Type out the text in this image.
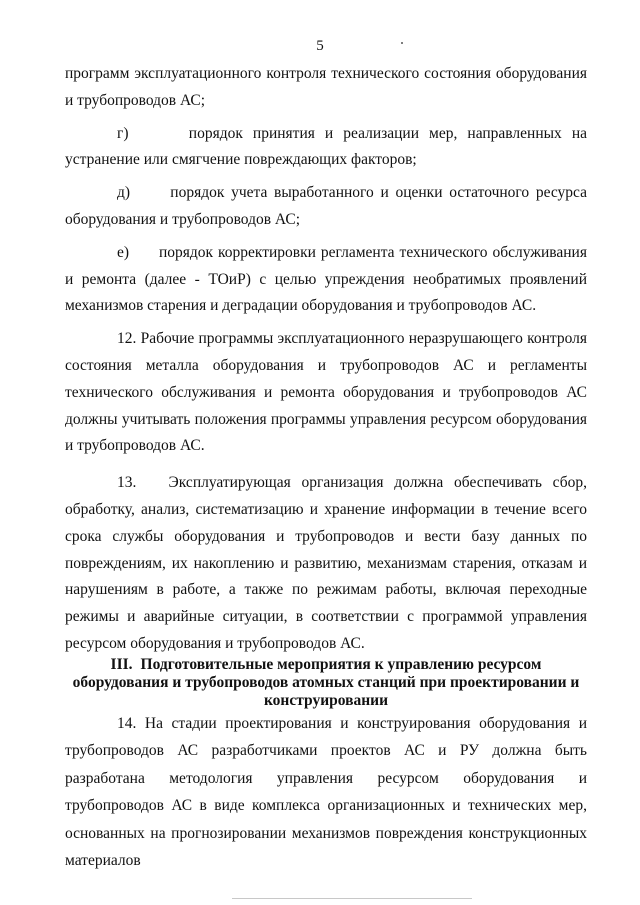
5

программ эксплуатационного контроля технического состояния оборудования и трубопроводов АС;

г)      порядок принятия и реализации мер, направленных на устранение или смягчение повреждающих факторов;

д)      порядок учета выработанного и оценки остаточного ресурса оборудования и трубопроводов АС;

е)      порядок корректировки регламента технического обслуживания и ремонта (далее - ТОиР) с целью упреждения необратимых проявлений механизмов старения и деградации оборудования и трубопроводов АС.

12. Рабочие программы эксплуатационного неразрушающего контроля состояния металла оборудования и трубопроводов АС и регламенты технического обслуживания и ремонта оборудования и трубопроводов АС должны учитывать положения программы управления ресурсом оборудования и трубопроводов АС.

13.   Эксплуатирующая организация должна обеспечивать сбор, обработку, анализ, систематизацию и хранение информации в течение всего срока службы оборудования и трубопроводов и вести базу данных по повреждениям, их накоплению и развитию, механизмам старения, отказам и нарушениям в работе, а также по режимам работы, включая переходные режимы и аварийные ситуации, в соответствии с программой управления ресурсом оборудования и трубопроводов АС.

III. Подготовительные мероприятия к управлению ресурсом оборудования и трубопроводов атомных станций при проектировании и конструировании

14. На стадии проектирования и конструирования оборудования и трубопроводов АС разработчиками проектов АС и РУ должна быть разработана методология управления ресурсом оборудования и трубопроводов АС в виде комплекса организационных и технических мер, основанных на прогнозировании механизмов повреждения конструкционных материалов
